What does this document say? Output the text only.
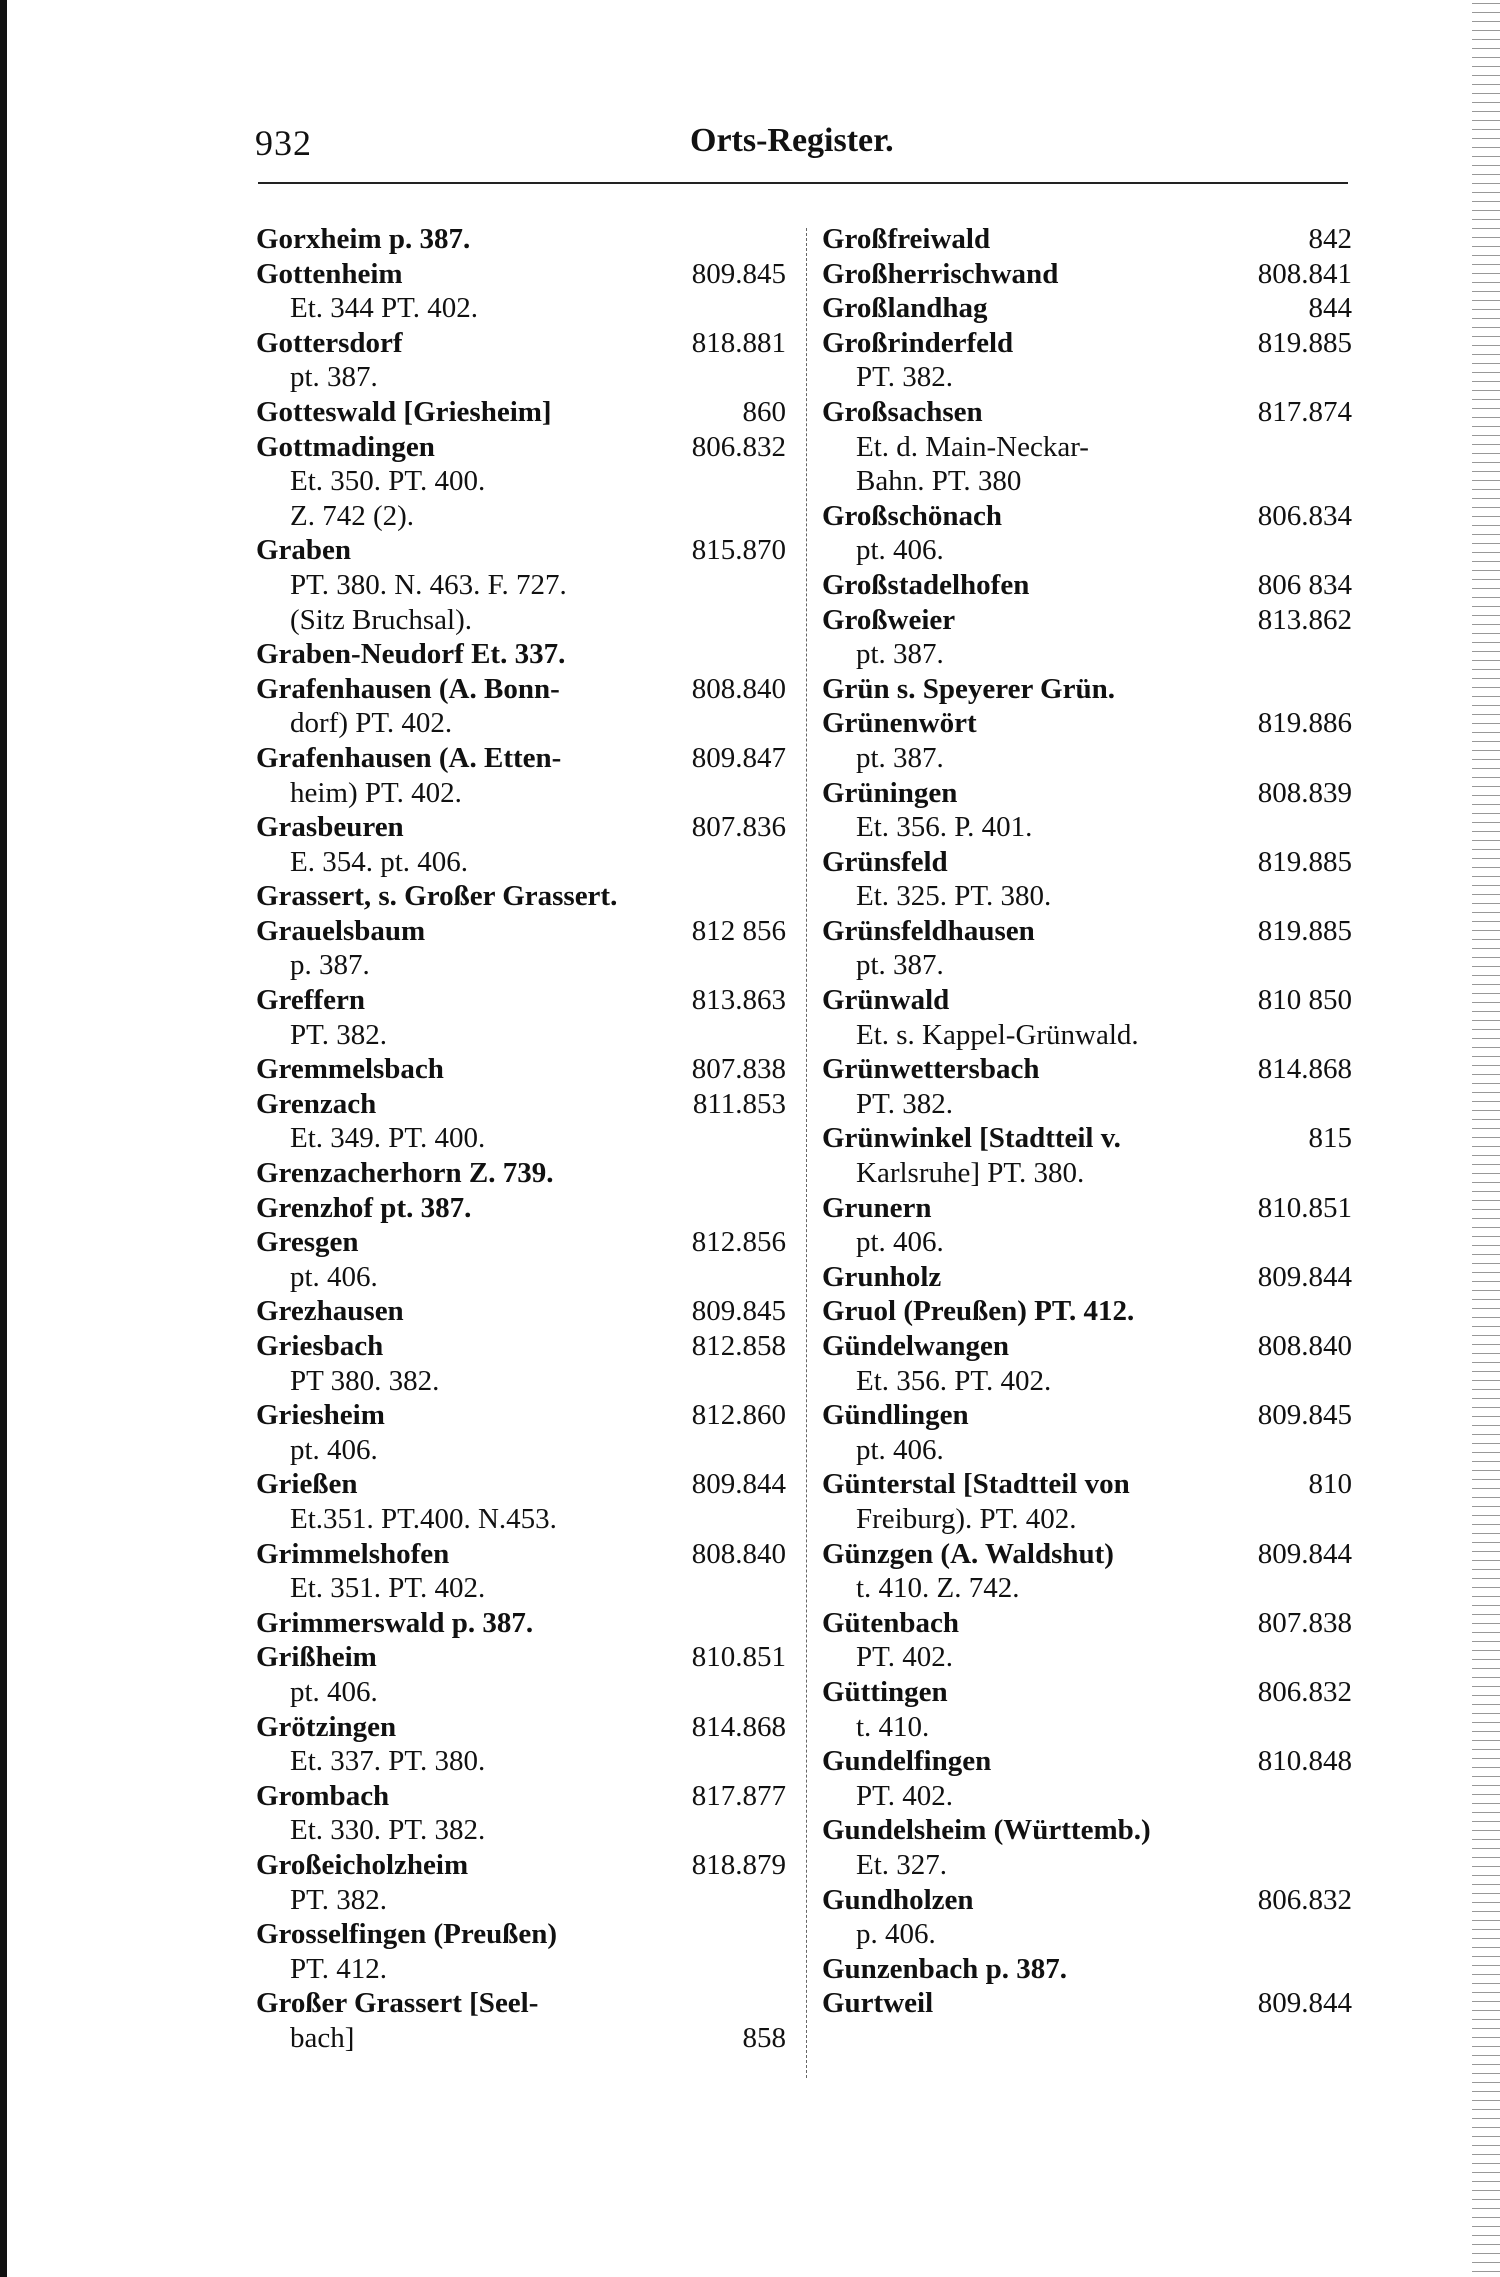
932	Orts-Register.
Gorxheim p. 387.
Gottenheim	809.845
Et. 344 PT. 402.
Gottersdorf	818.881
pt. 387.
Gotteswald [Griesheim]	860
Gottmadingen	806.832
Et. 350. PT. 400.
Z. 742 (2).
Graben	815.870
PT. 380. N. 463. F. 727.
(Sitz Bruchsal).
Graben-Neudorf Et. 337.
Grafenhausen (A. Bonn-	808.840
dorf) PT. 402.
Grafenhausen (A. Etten-	809.847
heim) PT. 402.
Grasbeuren	807.836
E. 354. pt. 406.
Grassert, s. Großer Grassert.
Grauelsbaum	812 856
p. 387.
Greffern	813.863
PT. 382.
Gremmelsbach	807.838
Grenzach	811.853
Et. 349. PT. 400.
Grenzacherhorn Z. 739.
Grenzhof pt. 387.
Gresgen	812.856
pt. 406.
Grezhausen	809.845
Griesbach	812.858
PT 380. 382.
Griesheim	812.860
pt. 406.
Grießen	809.844
Et.351. PT.400. N.453.
Grimmelshofen	808.840
Et. 351. PT. 402.
Grimmerswald p. 387.
Grißheim	810.851
pt. 406.
Grötzingen	814.868
Et. 337. PT. 380.
Grombach	817.877
Et. 330. PT. 382.
Großeicholzheim	818.879
PT. 382.
Grosselfingen (Preußen)
PT. 412.
Großer Grassert [Seel-
bach]	858
Großfreiwald	842
Großherrischwand	808.841
Großlandhag	844
Großrinderfeld	819.885
PT. 382.
Großsachsen	817.874
Et. d. Main-Neckar-
Bahn. PT. 380
Großschönach	806.834
pt. 406.
Großstadelhofen	806 834
Großweier	813.862
pt. 387.
Grün s. Speyerer Grün.
Grünenwört	819.886
pt. 387.
Grüningen	808.839
Et. 356. P. 401.
Grünsfeld	819.885
Et. 325. PT. 380.
Grünsfeldhausen	819.885
pt. 387.
Grünwald	810 850
Et. s. Kappel-Grünwald.
Grünwettersbach	814.868
PT. 382.
Grünwinkel [Stadtteil v.	815
Karlsruhe] PT. 380.
Grunern	810.851
pt. 406.
Grunholz	809.844
Gruol (Preußen) PT. 412.
Gündelwangen	808.840
Et. 356. PT. 402.
Gündlingen	809.845
pt. 406.
Günterstal [Stadtteil von	810
Freiburg). PT. 402.
Günzgen (A. Waldshut)	809.844
t. 410. Z. 742.
Gütenbach	807.838
PT. 402.
Güttingen	806.832
t. 410.
Gundelfingen	810.848
PT. 402.
Gundelsheim (Württemb.)
Et. 327.
Gundholzen	806.832
p. 406.
Gunzenbach p. 387.
Gurtweil	809.844
